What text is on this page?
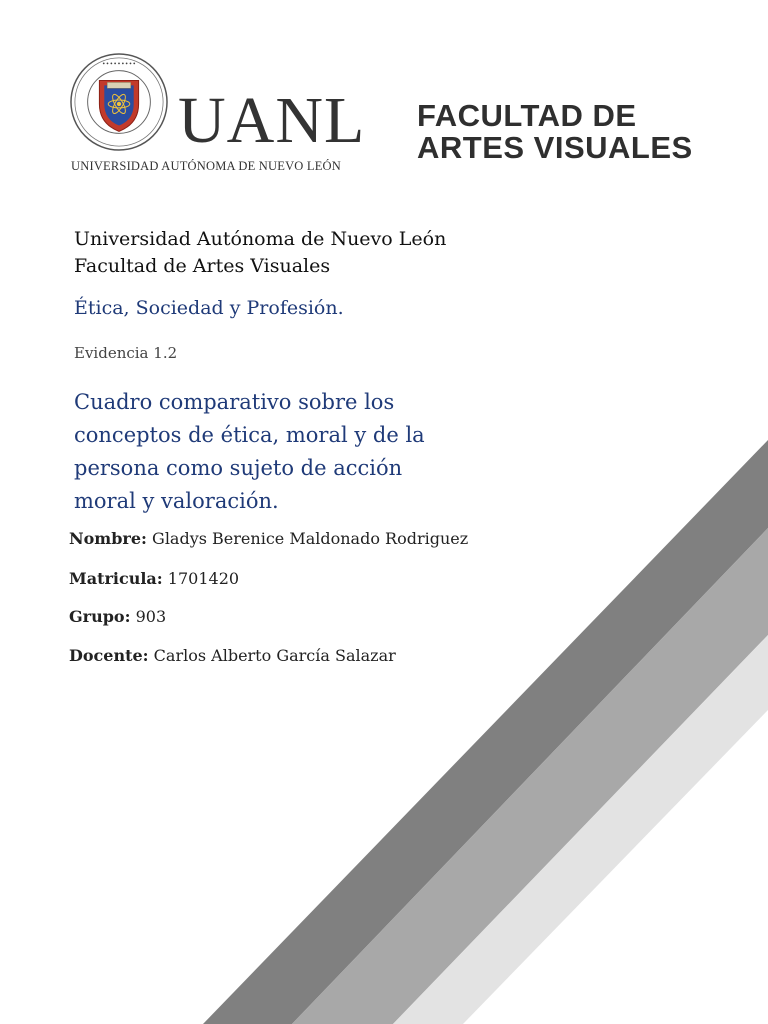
• • • • • • • • •
UANL
UNIVERSIDAD AUTÓNOMA DE NUEVO LEÓN
FACULTAD DE
ARTES VISUALES
Universidad Autónoma de Nuevo León
Facultad de Artes Visuales
Ética, Sociedad y Profesión.
Evidencia 1.2
Cuadro comparativo sobre los
conceptos de ética, moral y de la
persona como sujeto de acción
moral y valoración.
Nombre: Gladys Berenice Maldonado Rodriguez
Matricula: 1701420
Grupo: 903
Docente: Carlos Alberto García Salazar
